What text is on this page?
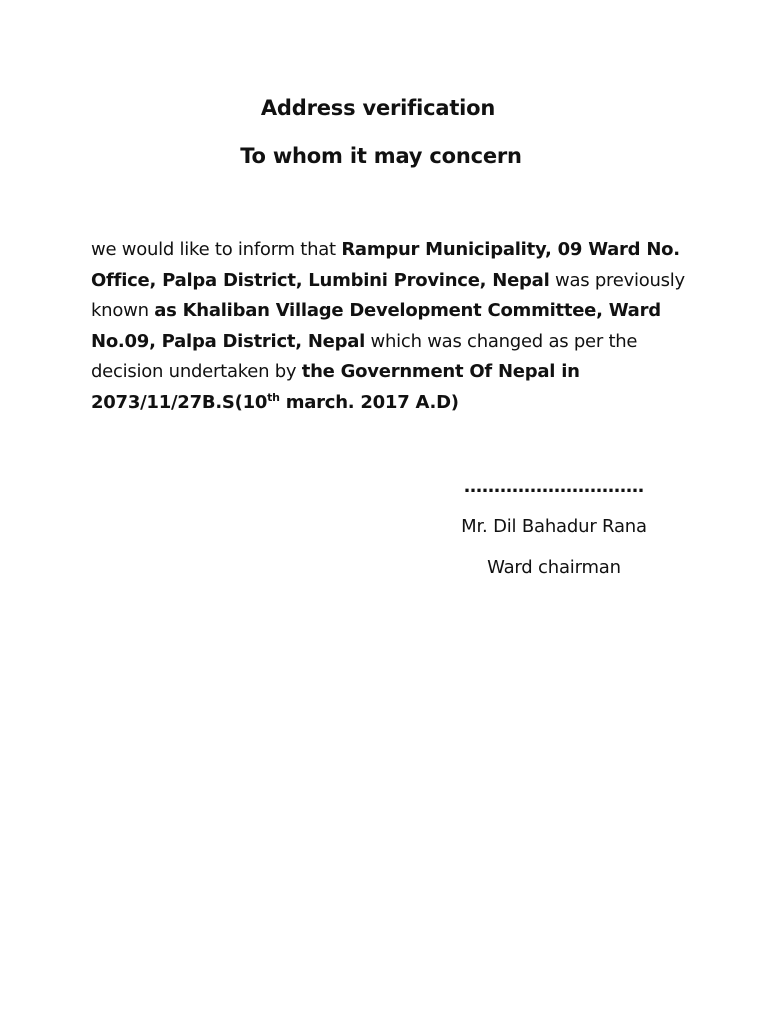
Address verification
To whom it may concern

we would like to inform that Rampur Municipality, 09 Ward No. Office, Palpa District, Lumbini Province, Nepal was previously known as Khaliban Village Development Committee, Ward No.09, Palpa District, Nepal which was changed as per the decision undertaken by the Government Of Nepal in 2073/11/27B.S(10th march. 2017 A.D)

…………………………

Mr. Dil Bahadur Rana

Ward chairman
